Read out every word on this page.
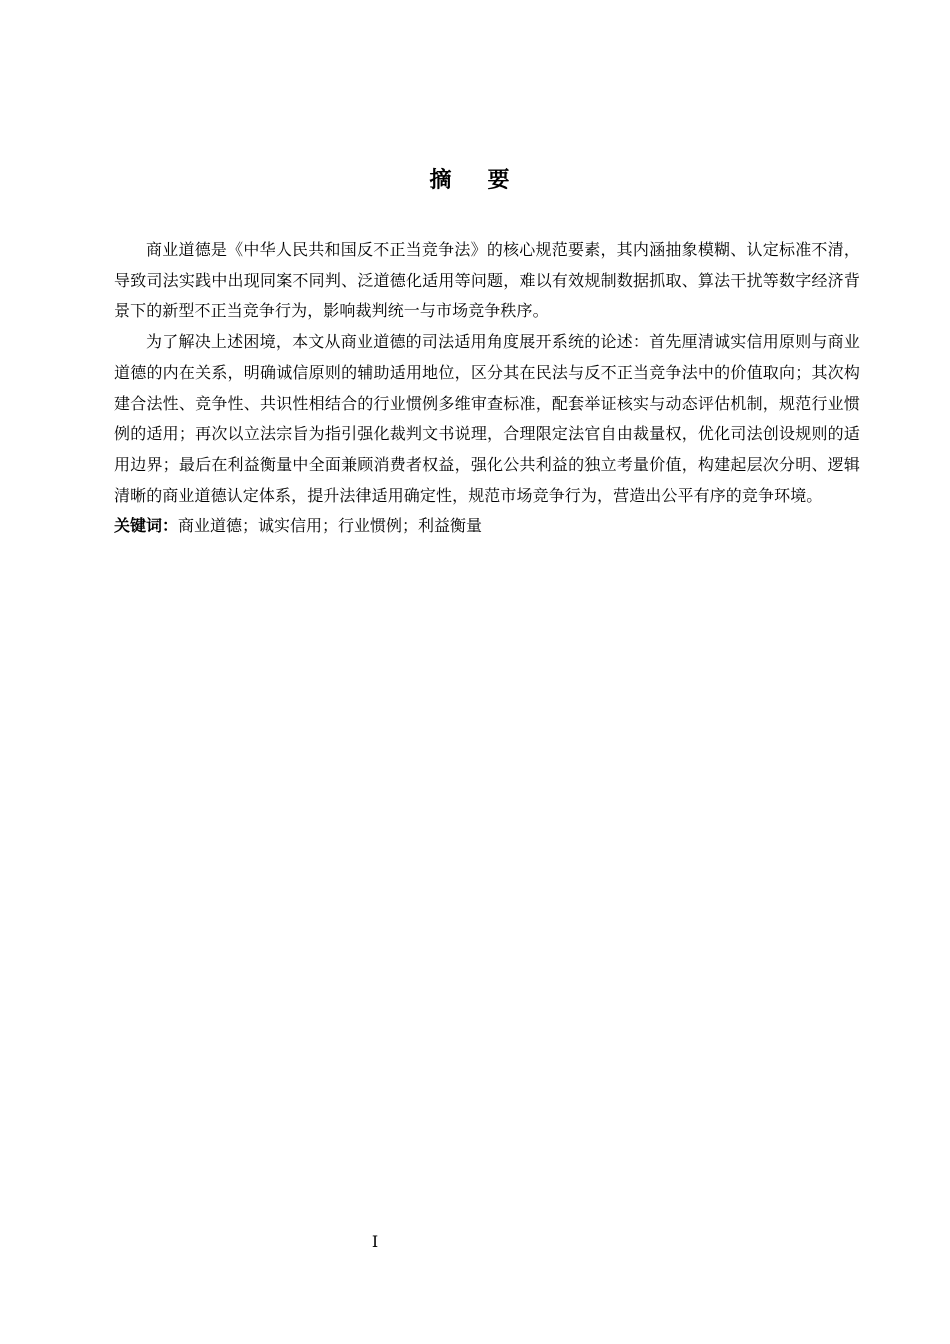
摘要

商业道德是《中华人民共和国反不正当竞争法》的核心规范要素，其内涵抽象模糊、认定标准不清，导致司法实践中出现同案不同判、泛道德化适用等问题，难以有效规制数据抓取、算法干扰等数字经济背景下的新型不正当竞争行为，影响裁判统一与市场竞争秩序。

为了解决上述困境，本文从商业道德的司法适用角度展开系统的论述：首先厘清诚实信用原则与商业道德的内在关系，明确诚信原则的辅助适用地位，区分其在民法与反不正当竞争法中的价值取向；其次构建合法性、竞争性、共识性相结合的行业惯例多维审查标准，配套举证核实与动态评估机制，规范行业惯例的适用；再次以立法宗旨为指引强化裁判文书说理，合理限定法官自由裁量权，优化司法创设规则的适用边界；最后在利益衡量中全面兼顾消费者权益，强化公共利益的独立考量价值，构建起层次分明、逻辑清晰的商业道德认定体系，提升法律适用确定性，规范市场竞争行为，营造出公平有序的竞争环境。

关键词：商业道德；诚实信用；行业惯例；利益衡量

I
